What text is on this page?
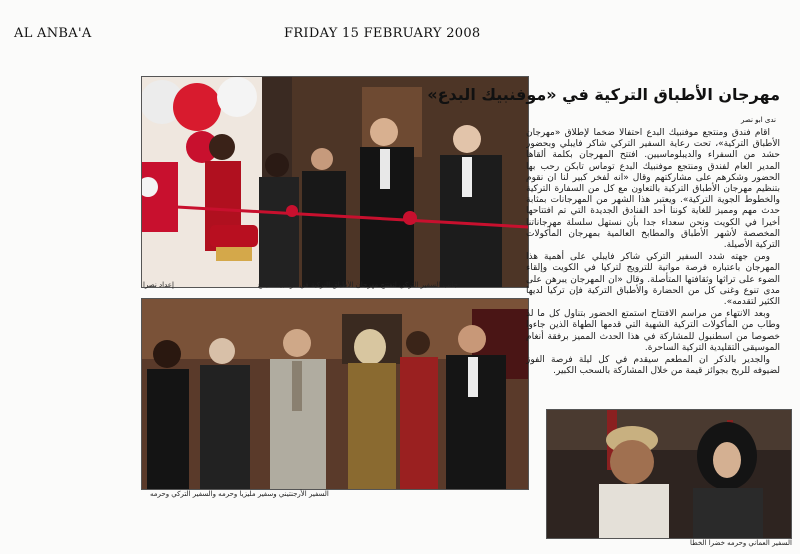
AL ANBA'A	FRIDAY 15 FEBRUARY 2008
جانب السفير التركي لتفتتح مهرجان الأطباق التركية في موفنبيك البدع
إعداد نصرا
السفير الأرجنتيني وسفير مليزيا وحرمه والسفير التركي وحرمه
مهرجان الأطباق التركية في «موفنبيك البدع»
ندى ابو نصر

أقام فندق ومنتجع موفنبيك البدع احتفالا ضخما لإطلاق «مهرجان الأطباق التركية»، تحت رعاية السفير التركي شاكر فايبلي وبحضور حشد من السفراء والديبلوماسيين. افتتح المهرجان بكلمة ألقاها المدير العام لفندق ومنتجع موفنبيك البدع توماس تابكن رحب بها الحضور وشكرهم على مشاركتهم وقال «انه لفخر كبير لنا ان نقوم بتنظيم مهرجان الأطباق التركية بالتعاون مع كل من السفارة التركية والخطوط الجوية التركية». ويعتبر هذا الشهر من المهرجانات بمثابة حدث مهم ومميز للغاية كوننا أحد الفنادق الجديدة التي تم افتتاحها أخيرا في الكويت ونحن سعداء جدا بأن نستهل سلسلة مهرجاناتنا المخصصة لأشهر الأطباق والمطابخ العالمية بمهرجان المأكولات التركية الأصيلة.

ومن جهته شدد السفير التركي شاكر فايبلي على أهمية هذا المهرجان باعتباره فرصة مواتية للترويج لتركيا في الكويت وإلقاء الضوء على تراثها وثقافتها المتأصلة. وقال «ان المهرجان يبرهن على مدى تنوع وغنى كل من الحضارة والأطباق التركية فإن تركيا لديها الكثير لتقدمه».

وبعد الانتهاء من مراسم الافتتاح استمتع الحضور بتناول كل ما لذ وطاب من المأكولات التركية الشهية التي قدمها الطهاة الذين جاءوا خصوصا من اسطنبول للمشاركة في هذا الحدث المميز برفقة أنغام الموسيقى التقليدية التركية الساحرة.

والجدير بالذكر ان المطعم سيقدم في كل ليلة فرصة الفوز لضيوفه للربح بجوائز قيمة من خلال المشاركة بالسحب الكبير.

السفير العماني وحرمه خضرا الخطا
